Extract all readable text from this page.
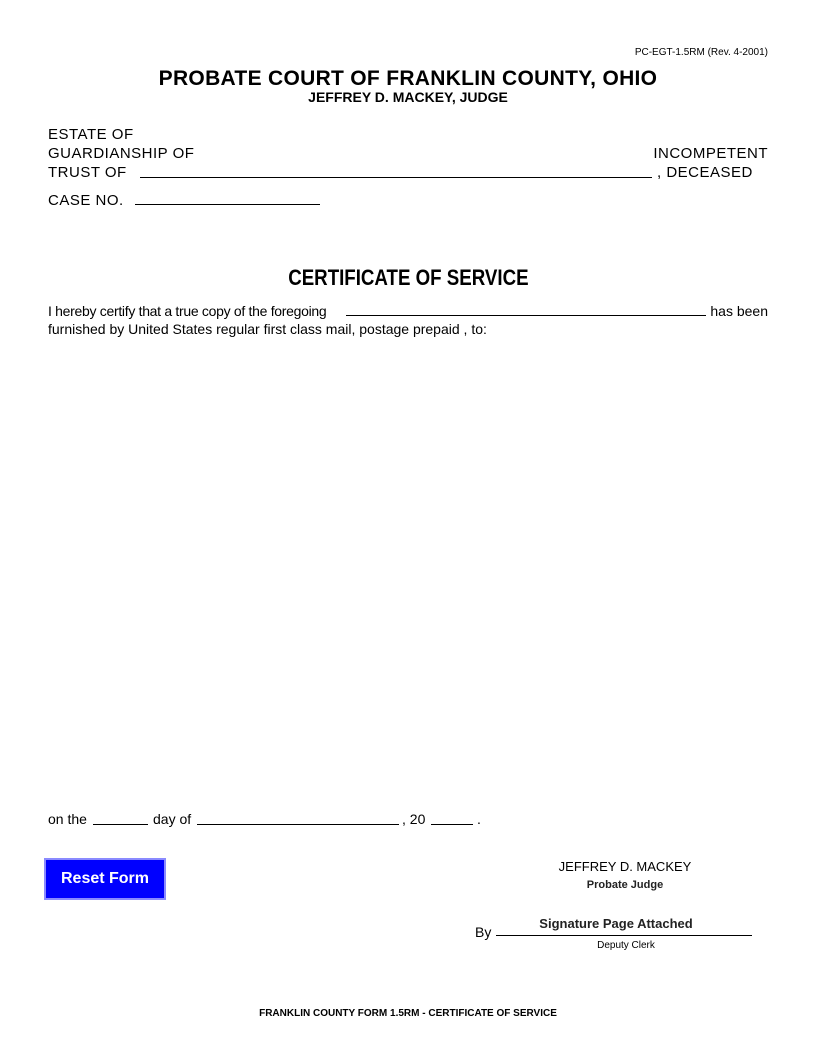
PC-EGT-1.5RM (Rev. 4-2001)
PROBATE COURT OF FRANKLIN COUNTY, OHIO
JEFFREY D. MACKEY, JUDGE
ESTATE OF
GUARDIANSHIP OF	INCOMPETENT
TRUST OF	, DECEASED
CASE NO.
CERTIFICATE OF SERVICE
I hereby certify that a true copy of the foregoing	has been
furnished by United States regular first class mail, postage prepaid , to:
on the	day of	, 20	.
Reset Form
JEFFREY D. MACKEY
Probate Judge
By
Signature Page Attached
Deputy Clerk
FRANKLIN COUNTY FORM 1.5RM - CERTIFICATE OF SERVICE
